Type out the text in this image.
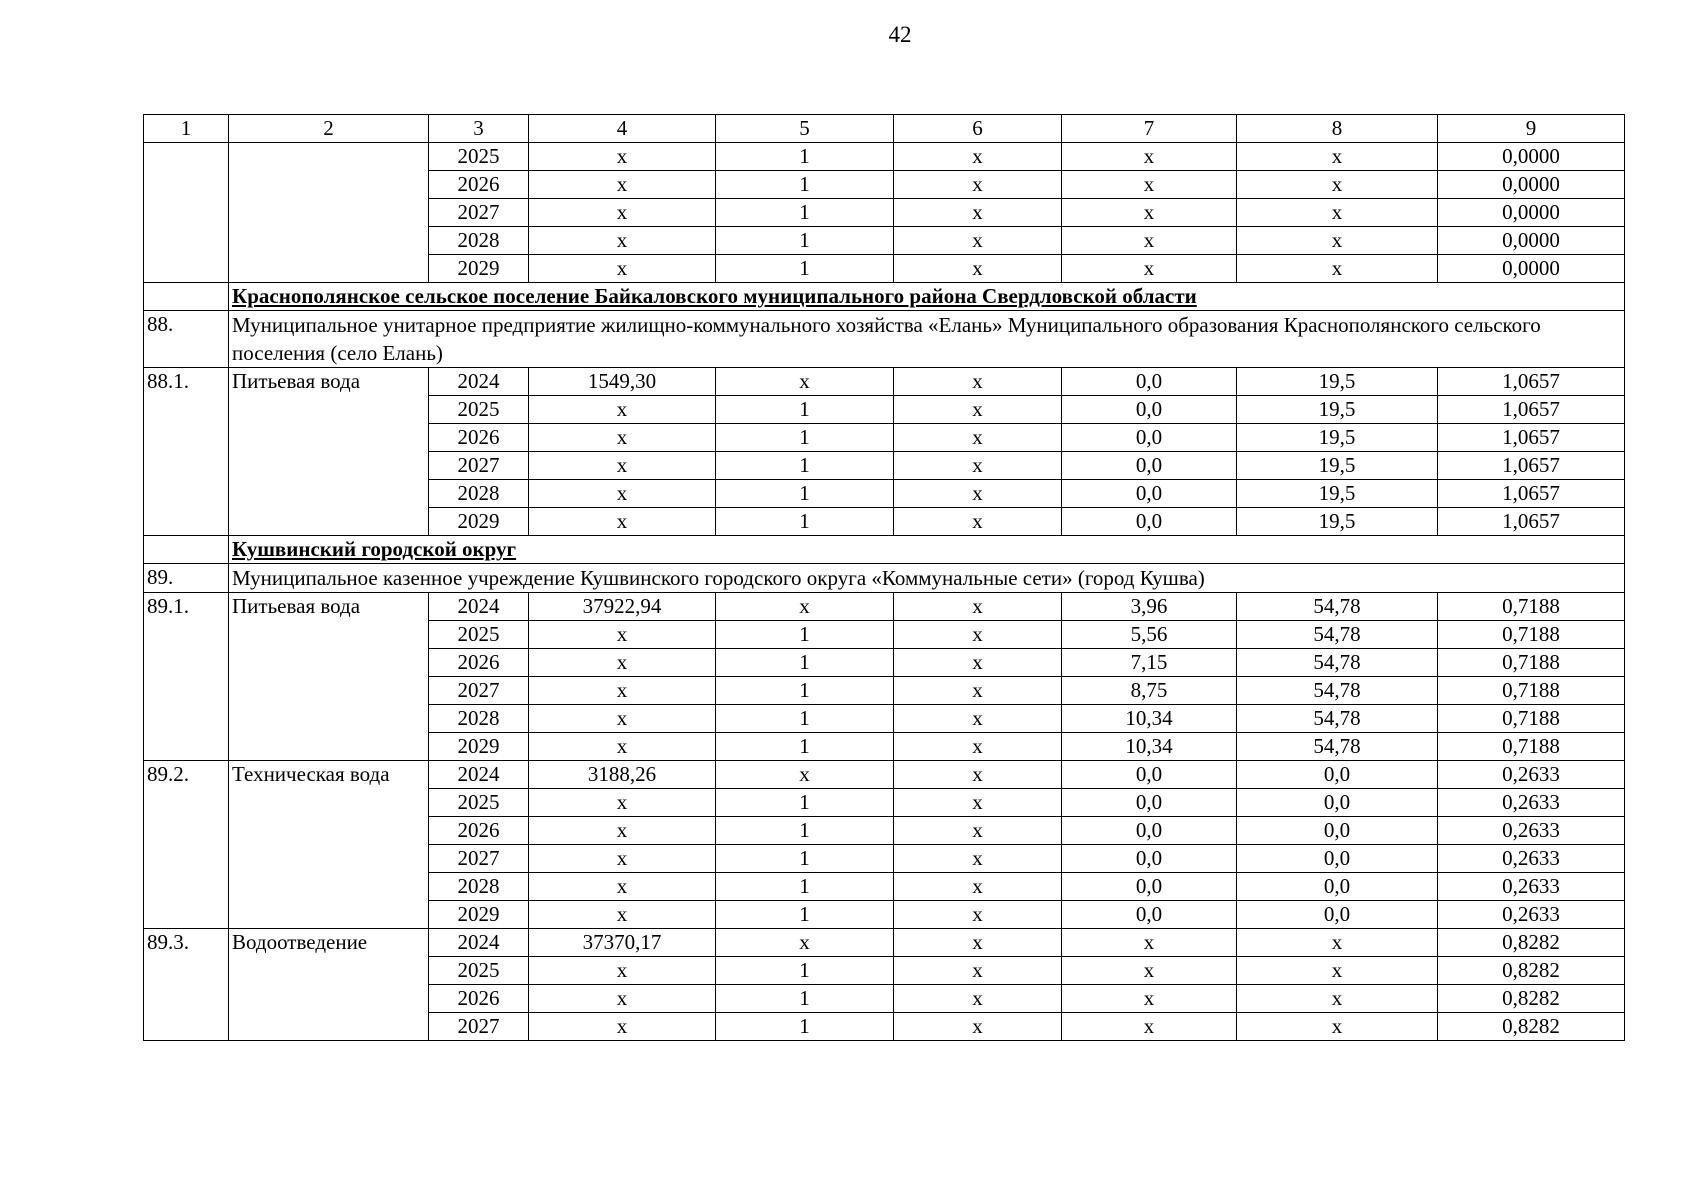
42
1	2	3	4	5	6	7	8	9
		2025	х	1	х	х	х	0,0000
		2026	х	1	х	х	х	0,0000
		2027	х	1	х	х	х	0,0000
		2028	х	1	х	х	х	0,0000
		2029	х	1	х	х	х	0,0000
	Краснополянское сельское поселение Байкаловского муниципального района Свердловской области							
88.	Муниципальное унитарное предприятие жилищно-коммунального хозяйства «Елань» Муниципального образования Краснополянского сельского поселения (село Елань)							
88.1.	Питьевая вода	2024	1549,30	х	х	0,0	19,5	1,0657
		2025	х	1	х	0,0	19,5	1,0657
		2026	х	1	х	0,0	19,5	1,0657
		2027	х	1	х	0,0	19,5	1,0657
		2028	х	1	х	0,0	19,5	1,0657
		2029	х	1	х	0,0	19,5	1,0657
	Кушвинский городской округ							
89.	Муниципальное казенное учреждение Кушвинского городского округа «Коммунальные сети» (город Кушва)							
89.1.	Питьевая вода	2024	37922,94	х	х	3,96	54,78	0,7188
		2025	х	1	х	5,56	54,78	0,7188
		2026	х	1	х	7,15	54,78	0,7188
		2027	х	1	х	8,75	54,78	0,7188
		2028	х	1	х	10,34	54,78	0,7188
		2029	х	1	х	10,34	54,78	0,7188
89.2.	Техническая вода	2024	3188,26	х	х	0,0	0,0	0,2633
		2025	х	1	х	0,0	0,0	0,2633
		2026	х	1	х	0,0	0,0	0,2633
		2027	х	1	х	0,0	0,0	0,2633
		2028	х	1	х	0,0	0,0	0,2633
		2029	х	1	х	0,0	0,0	0,2633
89.3.	Водоотведение	2024	37370,17	х	х	х	х	0,8282
		2025	х	1	х	х	х	0,8282
		2026	х	1	х	х	х	0,8282
		2027	х	1	х	х	х	0,8282
